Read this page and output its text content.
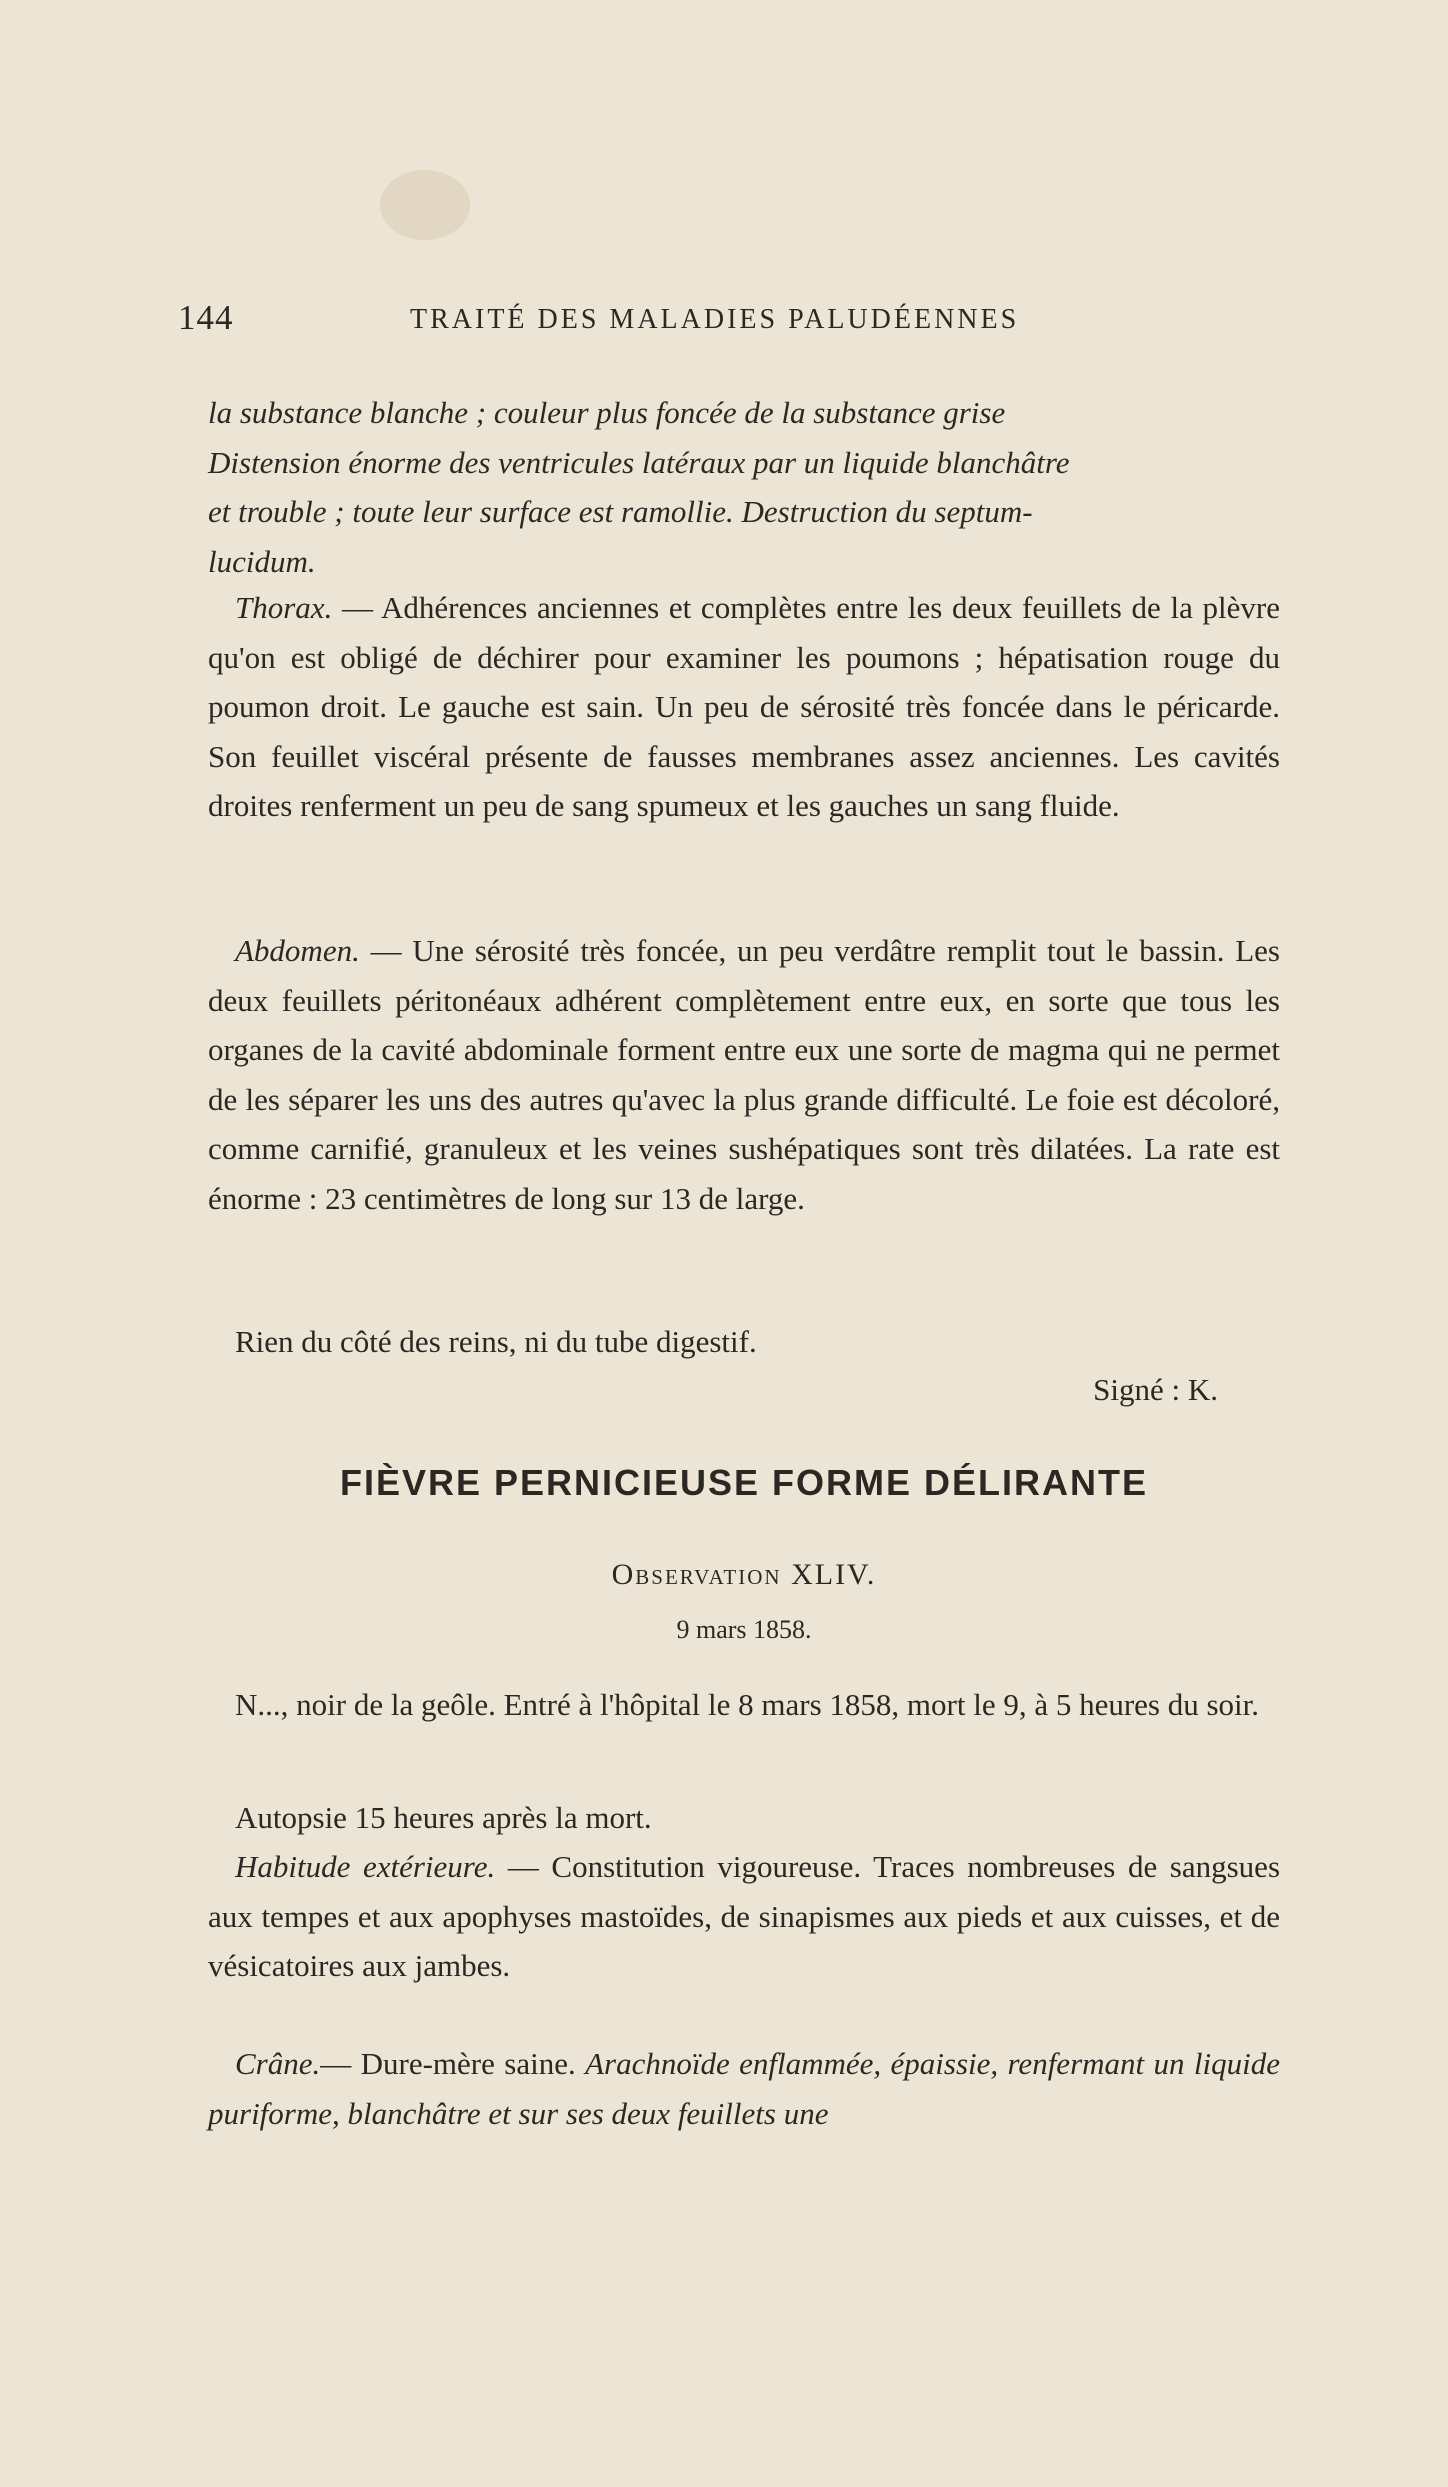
144	TRAITÉ DES MALADIES PALUDÉENNES

la substance blanche ; couleur plus foncée de la substance grise

Distension énorme des ventricules latéraux par un liquide blanchâtre

et trouble ; toute leur surface est ramollie. Destruction du septum-

lucidum.

Thorax. — Adhérences anciennes et complètes entre les deux feuillets de la plèvre qu'on est obligé de déchirer pour examiner les poumons ; hépatisation rouge du poumon droit. Le gauche est sain. Un peu de sérosité très foncée dans le péricarde. Son feuillet viscéral présente de fausses membranes assez anciennes. Les cavités droites renferment un peu de sang spumeux et les gauches un sang fluide.

Abdomen. — Une sérosité très foncée, un peu verdâtre remplit tout le bassin. Les deux feuillets péritonéaux adhérent complètement entre eux, en sorte que tous les organes de la cavité abdominale forment entre eux une sorte de magma qui ne permet de les séparer les uns des autres qu'avec la plus grande difficulté. Le foie est décoloré, comme carnifié, granuleux et les veines sushépatiques sont très dilatées. La rate est énorme : 23 centimètres de long sur 13 de large.

Rien du côté des reins, ni du tube digestif.

Signé : K.
FIÈVRE PERNICIEUSE FORME DÉLIRANTE
Observation XLIV.
9 mars 1858.

N..., noir de la geôle. Entré à l'hôpital le 8 mars 1858, mort le 9, à 5 heures du soir.

Autopsie 15 heures après la mort.

Habitude extérieure. — Constitution vigoureuse. Traces nombreuses de sangsues aux tempes et aux apophyses mastoïdes, de sinapismes aux pieds et aux cuisses, et de vésicatoires aux jambes.

Crâne.— Dure-mère saine. Arachnoïde enflammée, épaissie, renfermant un liquide puriforme, blanchâtre et sur ses deux feuillets une
